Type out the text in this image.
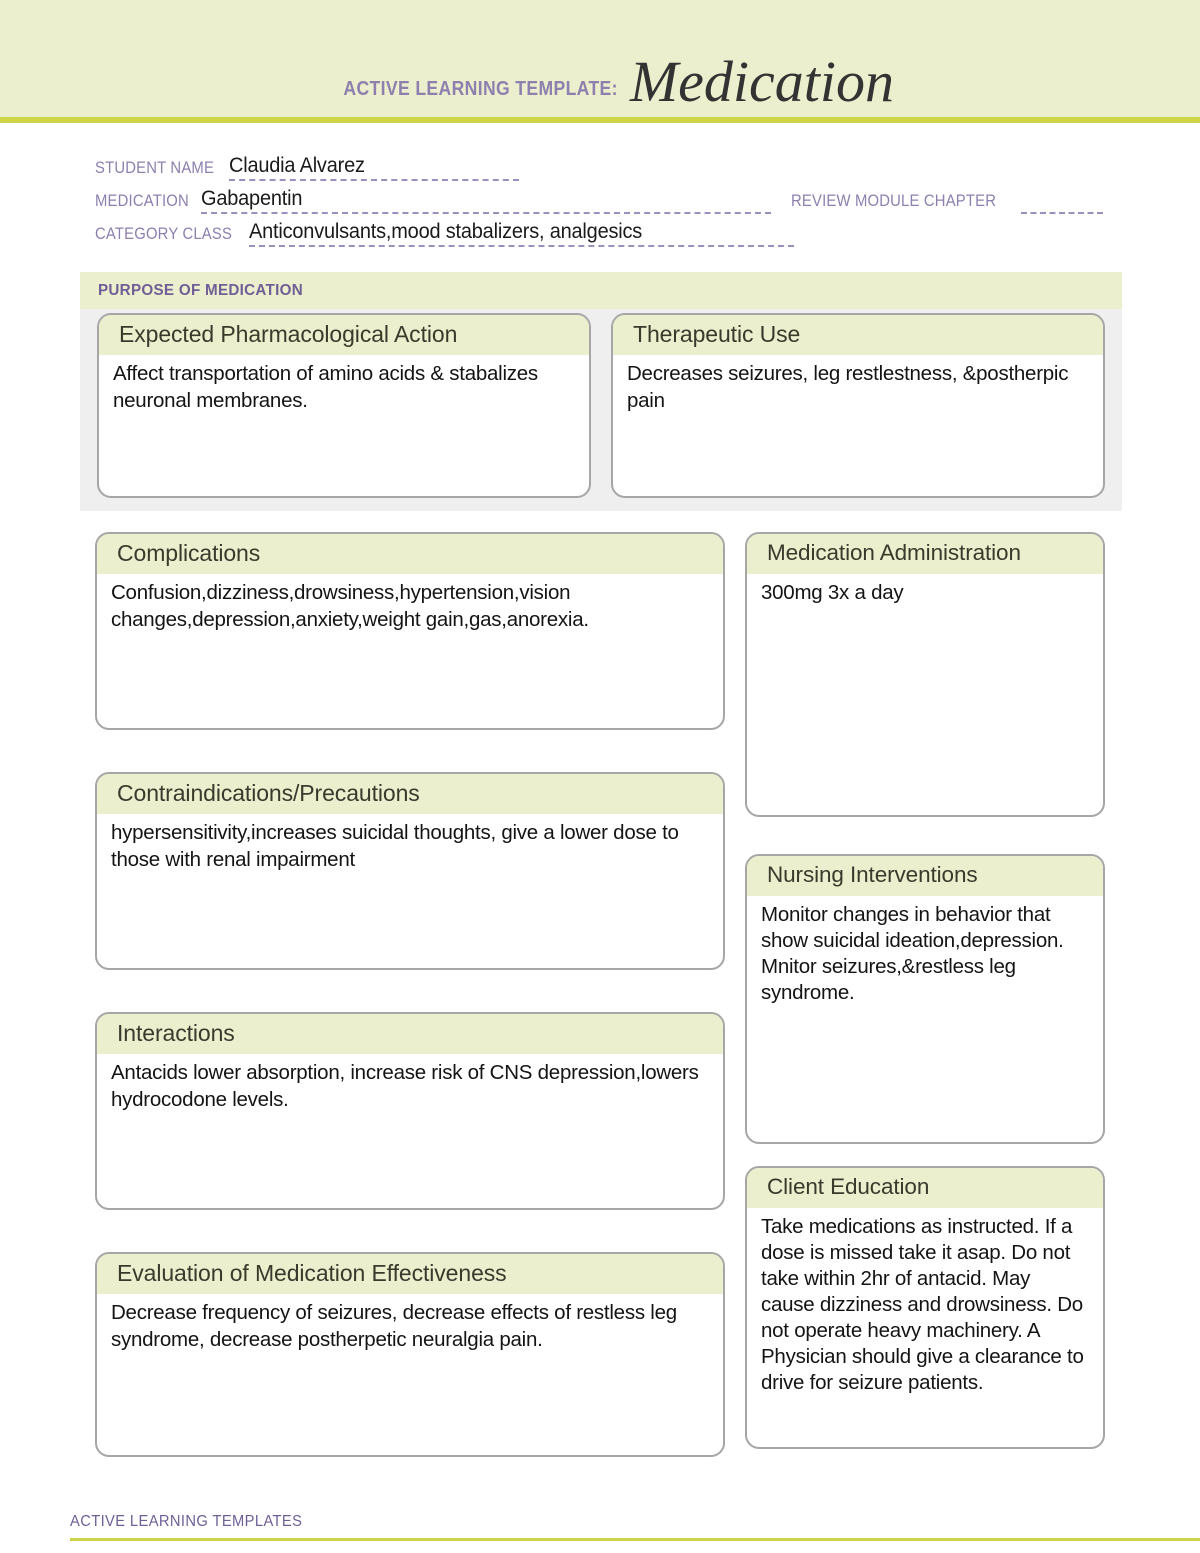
ACTIVE LEARNING TEMPLATE: Medication
STUDENT NAME Claudia Alvarez
MEDICATION Gabapentin	REVIEW MODULE CHAPTER
CATEGORY CLASS Anticonvulsants,mood stabalizers, analgesics
PURPOSE OF MEDICATION
Expected Pharmacological Action
Affect transportation of amino acids & stabalizes neuronal membranes.
Therapeutic Use
Decreases seizures, leg restlestness, &postherpic pain
Complications
Confusion,dizziness,drowsiness,hypertension,vision changes,depression,anxiety,weight gain,gas,anorexia.
Contraindications/Precautions
hypersensitivity,increases suicidal thoughts, give a lower dose to those with renal impairment
Interactions
Antacids lower absorption, increase risk of CNS depression,lowers hydrocodone levels.
Evaluation of Medication Effectiveness
Decrease frequency of seizures, decrease effects of restless leg syndrome, decrease postherpetic neuralgia pain.
Medication Administration
300mg 3x a day
Nursing Interventions
Monitor changes in behavior that show suicidal ideation,depression. Mnitor seizures,&restless leg syndrome.
Client Education
Take medications as instructed. If a dose is missed take it asap. Do not take within 2hr of antacid. May cause dizziness and drowsiness. Do not operate heavy machinery. A Physician should give a clearance to drive for seizure patients.
ACTIVE LEARNING TEMPLATES
